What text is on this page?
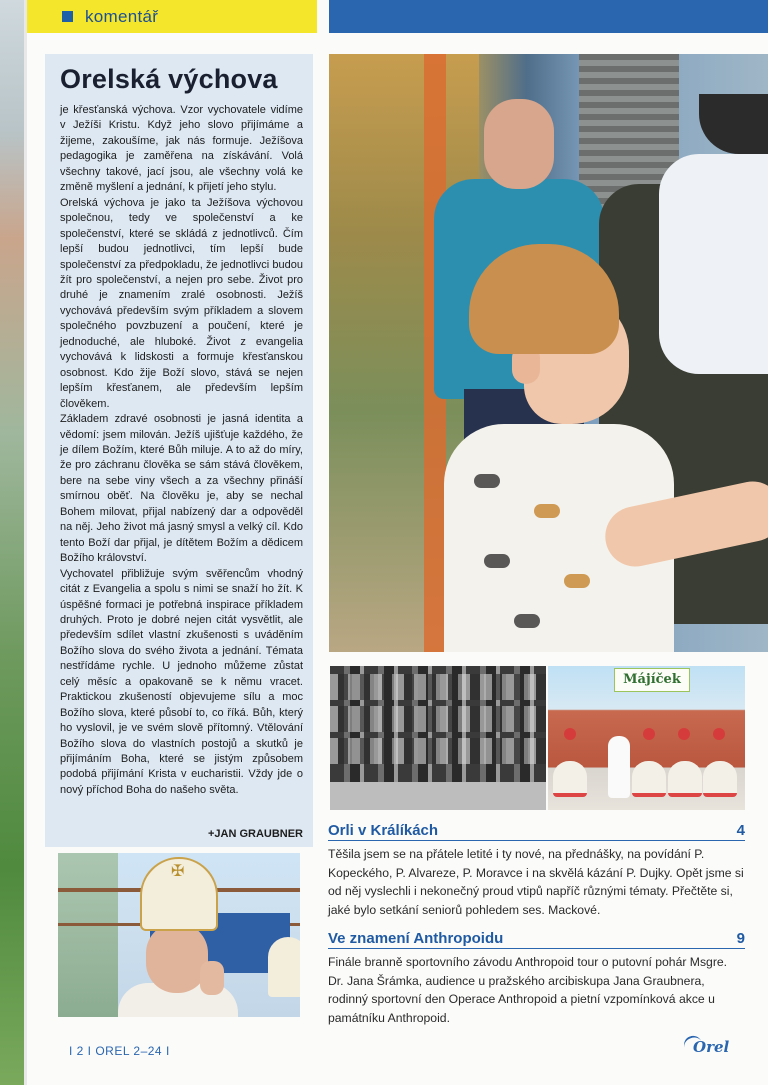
komentář
Orelská výchova

je křesťanská výchova. Vzor vychovatele vidíme v Ježíši Kristu. Když jeho slovo přijímáme a žijeme, zakoušíme, jak nás formuje. Ježíšova pedagogika je zaměřena na získávání. Volá všechny takové, jací jsou, ale všechny volá ke změně myšlení a jednání, k přijetí jeho stylu.

Orelská výchova je jako ta Ježíšova výchovou společnou, tedy ve společenství a ke společenství, které se skládá z jednotlivců. Čím lepší budou jednotlivci, tím lepší bude společenství za předpokladu, že jednotlivci budou žít pro společenství, a nejen pro sebe. Život pro druhé je znamením zralé osobnosti. Ježíš vychovává především svým příkladem a slovem společného povzbuzení a poučení, které je jednoduché, ale hluboké. Život z evangelia vychovává k lidskosti a formuje křesťanskou osobnost. Kdo žije Boží slovo, stává se nejen lepším křesťanem, ale především lepším člověkem.

Základem zdravé osobnosti je jasná identita a vědomí: jsem milován. Ježíš ujišťuje každého, že je dílem Božím, které Bůh miluje. A to až do míry, že pro záchranu člověka se sám stává člověkem, bere na sebe viny všech a za všechny přináší smírnou oběť. Na člověku je, aby se nechal Bohem milovat, přijal nabízený dar a odpověděl na něj. Jeho život má jasný smysl a velký cíl. Kdo tento Boží dar přijal, je dítětem Božím a dědicem Božího království.

Vychovatel přibližuje svým svěřencům vhodný citát z Evangelia a spolu s nimi se snaží ho žít. K úspěšné formaci je potřebná inspirace příkladem druhých. Proto je dobré nejen citát vysvětlit, ale především sdílet vlastní zkušenosti s uváděním Božího slova do svého života a jednání. Témata nestřídáme rychle. U jednoho můžeme zůstat celý měsíc a opakovaně se k němu vracet. Praktickou zkušeností objevujeme sílu a moc Božího slova, které působí to, co říká. Bůh, který ho vyslovil, je ve svém slově přítomný. Vtělování Božího slova do vlastních postojů a skutků je přijímáním Boha, které se jistým způsobem podobá přijímání Krista v eucharistii. Vždy jde o nový příchod Boha do našeho světa.

+JAN GRAUBNER
✠
Májíček
Orli v Králíkách	4
Těšila jsem se na přátele letité i ty nové, na přednášky, na povídání P. Kopeckého, P. Alvareze, P. Moravce i na skvělá kázání P. Dujky. Opět jsme si od něj vyslechli i nekonečný proud vtipů napříč různými tématy. Přečtěte si, jaké bylo setkání seniorů pohledem ses. Mackové.
Ve znamení Anthropoidu	9
Finále branně sportovního závodu Anthropoid tour o putovní pohár Msgre. Dr. Jana Šrámka, audience u pražského arcibiskupa Jana Graubnera, rodinný sportovní den Operace Anthropoid a pietní vzpomínková akce u památníku Anthropoid.
I 2 I OREL 2–24 I	Orel
